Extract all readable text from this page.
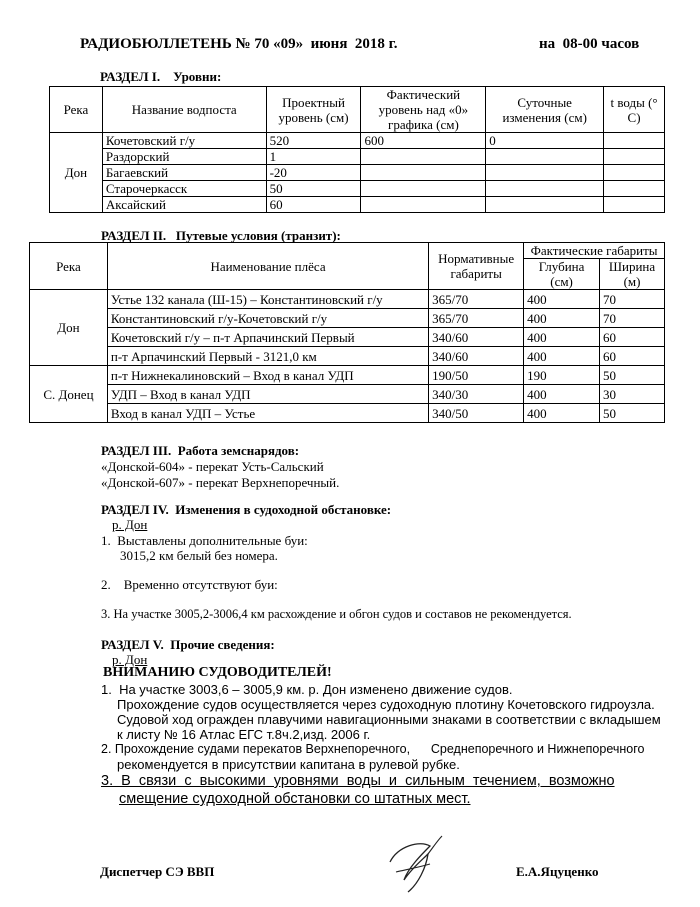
РАДИОБЮЛЛЕТЕНЬ № 70 «09»  июня  2018 г.	на  08-00 часов
РАЗДЕЛ I.    Уровни:
Река	Название водпоста	Проектный уровень (см)	Фактический уровень над «0» графика (см)	Суточные изменения (см)	t воды (° C)
Дон	Кочетовский г/у	520	600	0	
	Раздорский	1			
	Багаевский	-20			
	Старочеркасск	50			
	Аксайский	60			
РАЗДЕЛ II.   Путевые условия (транзит):
Река	Наименование плёса	Нормативные габариты	Фактические габариты	
			Глубина (см)	Ширина (м)
Дон	Устье 132 канала (Ш-15) – Константиновский г/у	365/70	400	70
	Константиновский г/у-Кочетовский г/у	365/70	400	70
	Кочетовский г/у – п-т Арпачинский Первый	340/60	400	60
	п-т Арпачинский Первый - 3121,0 км	340/60	400	60
С. Донец	п-т Нижнекалиновский – Вход в канал УДП	190/50	190	50
	УДП – Вход в канал УДП	340/30	400	30
	Вход в канал УДП – Устье	340/50	400	50
РАЗДЕЛ III.  Работа земснарядов:
«Донской-604» - перекат Усть-Сальский
«Донской-607» - перекат Верхнепоречный.
РАЗДЕЛ IV.  Изменения в судоходной обстановке:
р. Дон
1.  Выставлены дополнительные буи:
3015,2 км белый без номера.
2.    Временно отсутствуют буи:
3. На участке 3005,2-3006,4 км расхождение и обгон судов и составов не рекомендуется.
РАЗДЕЛ V.  Прочие сведения:
р. Дон
ВНИМАНИЮ СУДОВОДИТЕЛЕЙ!
1.  На участке 3003,6 – 3005,9 км. р. Дон изменено движение судов.
Прохождение судов осуществляется через судоходную плотину Кочетовского гидроузла.
Судовой ход огражден плавучими навигационными знаками в соответствии с вкладышем
к листу № 16 Атлас ЕГС т.8ч.2,изд. 2006 г.
2. Прохождение судами перекатов Верхнепоречного,      Среднепоречного и Нижнепоречного
рекомендуется в присутствии капитана в рулевой рубке.
3.  В  связи  с  высокими  уровнями  воды  и  сильным  течением,  возможно
смещение судоходной обстановки со штатных мест.
Диспетчер СЭ ВВП	Е.А.Яцуценко
